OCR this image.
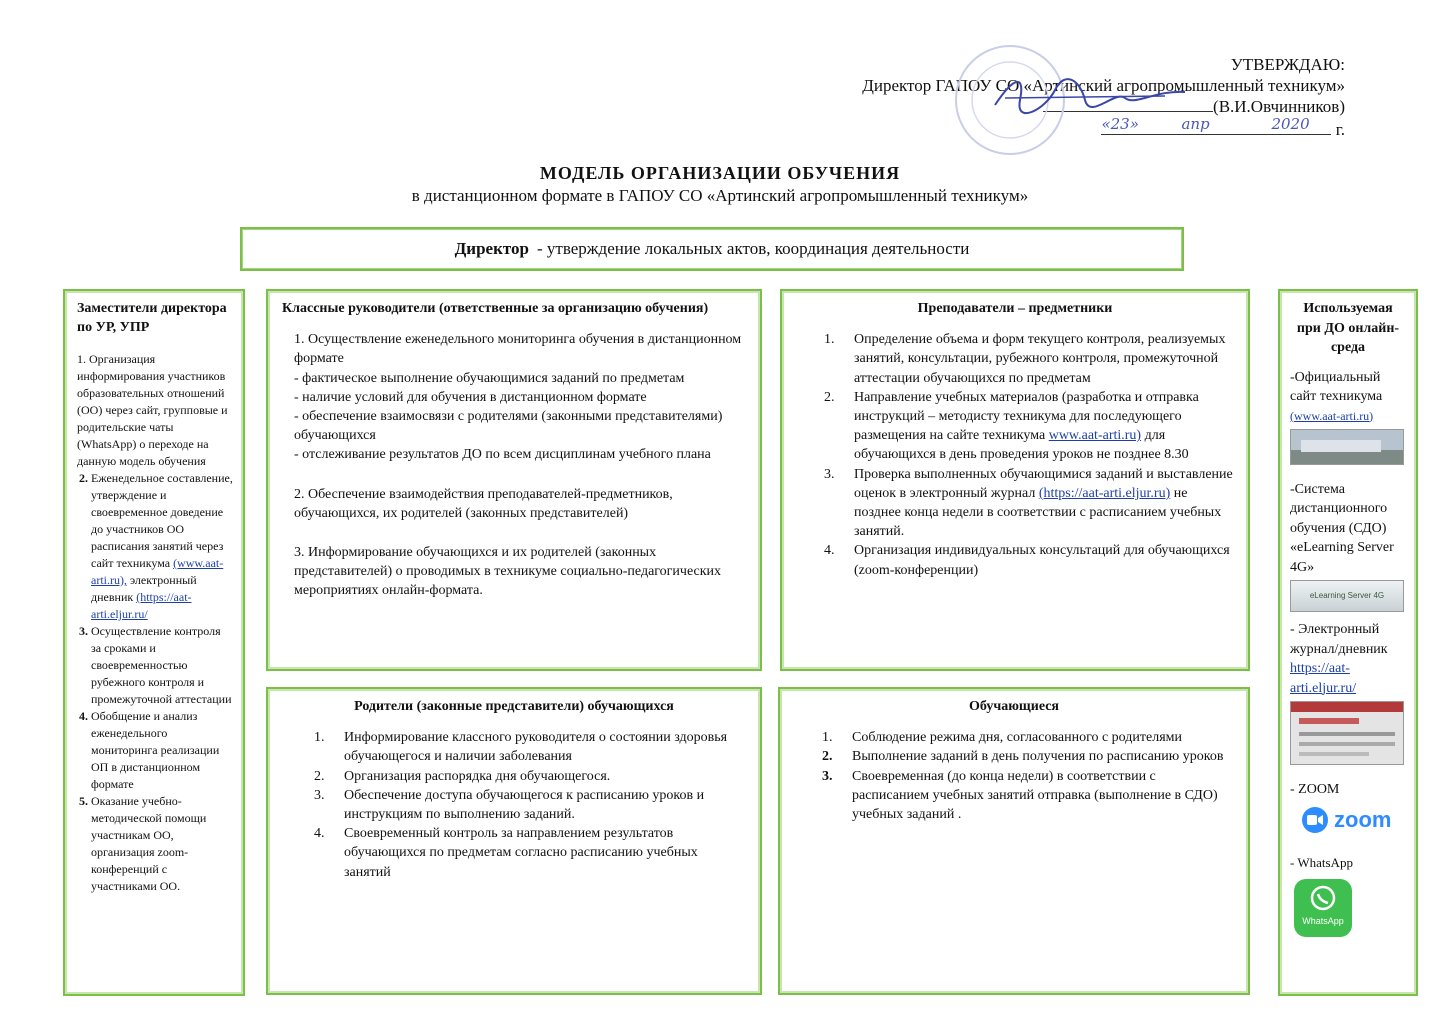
УТВЕРЖДАЮ:
Директор ГАПОУ СО «Артинский агропромышленный техникум»
(В.И.Овчинников)
«23»	апр	2020 г.
МОДЕЛЬ ОРГАНИЗАЦИИ ОБУЧЕНИЯ
в дистанционном формате в ГАПОУ СО «Артинский агропромышленный техникум»
Директор - утверждение локальных актов, координация деятельности
Заместители директора по УР, УПР

1. Организация информирования участников образовательных отношений (ОО) через сайт, групповые и родительские чаты (WhatsApp) о переходе на данную модель обучения

2. Еженедельное составление, утверждение и своевременное доведение до участников ОО расписания занятий через сайт техникума (www.aat-arti.ru), электронный дневник (https://aat-arti.eljur.ru/
3. Осуществление контроля за сроками и своевременностью рубежного контроля и промежуточной аттестации
4. Обобщение и анализ еженедельного мониторинга реализации ОП в дистанционном формате
5. Оказание учебно-методической помощи участникам ОО, организация zoom-конференций с участниками ОО.
Классные руководители (ответственные за организацию обучения)
1. Осуществление еженедельного мониторинга обучения в дистанционном формате
- фактическое выполнение обучающимися заданий по предметам
- наличие условий для обучения в дистанционном формате
- обеспечение взаимосвязи с родителями (законными представителями) обучающихся
- отслеживание результатов ДО по всем дисциплинам учебного плана
2. Обеспечение взаимодействия преподавателей-предметников, обучающихся, их родителей (законных представителей)
3. Информирование обучающихся и их родителей (законных представителей) о проводимых в техникуме социально-педагогических мероприятиях онлайн-формата.
Преподаватели – предметники
1.	Определение объема и форм текущего контроля, реализуемых занятий, консультации, рубежного контроля, промежуточной аттестации обучающихся по предметам
2.	Направление учебных материалов (разработка и отправка инструкций – методисту техникума для последующего размещения на сайте техникума www.aat-arti.ru) для обучающихся в день проведения уроков не позднее 8.30
3.	Проверка выполненных обучающимися заданий и выставление оценок в электронный журнал (https://aat-arti.eljur.ru) не позднее конца недели в соответствии с расписанием учебных занятий.
4.	Организация индивидуальных консультаций для обучающихся (zoom-конференции)
Родители (законные представители) обучающихся
1.	Информирование классного руководителя о состоянии здоровья обучающегося и наличии заболевания
2.	Организация распорядка дня обучающегося.
3.	Обеспечение доступа обучающегося к расписанию уроков и инструкциям по выполнению заданий.
4.	Своевременный контроль за направлением результатов обучающихся по предметам согласно расписанию учебных занятий
Обучающиеся
1.	Соблюдение режима дня, согласованного с родителями
2.	Выполнение заданий в день получения по расписанию уроков
3.	Своевременная (до конца недели) в соответствии с расписанием учебных занятий отправка (выполнение в СДО) учебных заданий .
Используемая при ДО онлайн-среда
-Официальный сайт техникума
(www.aat-arti.ru)
-Система дистанционного обучения (СДО) «eLearning Server 4G»
eLearning Server 4G
- Электронный журнал/дневник
https://aat-arti.eljur.ru/
- ZOOM
zoom
- WhatsApp
WhatsApp
